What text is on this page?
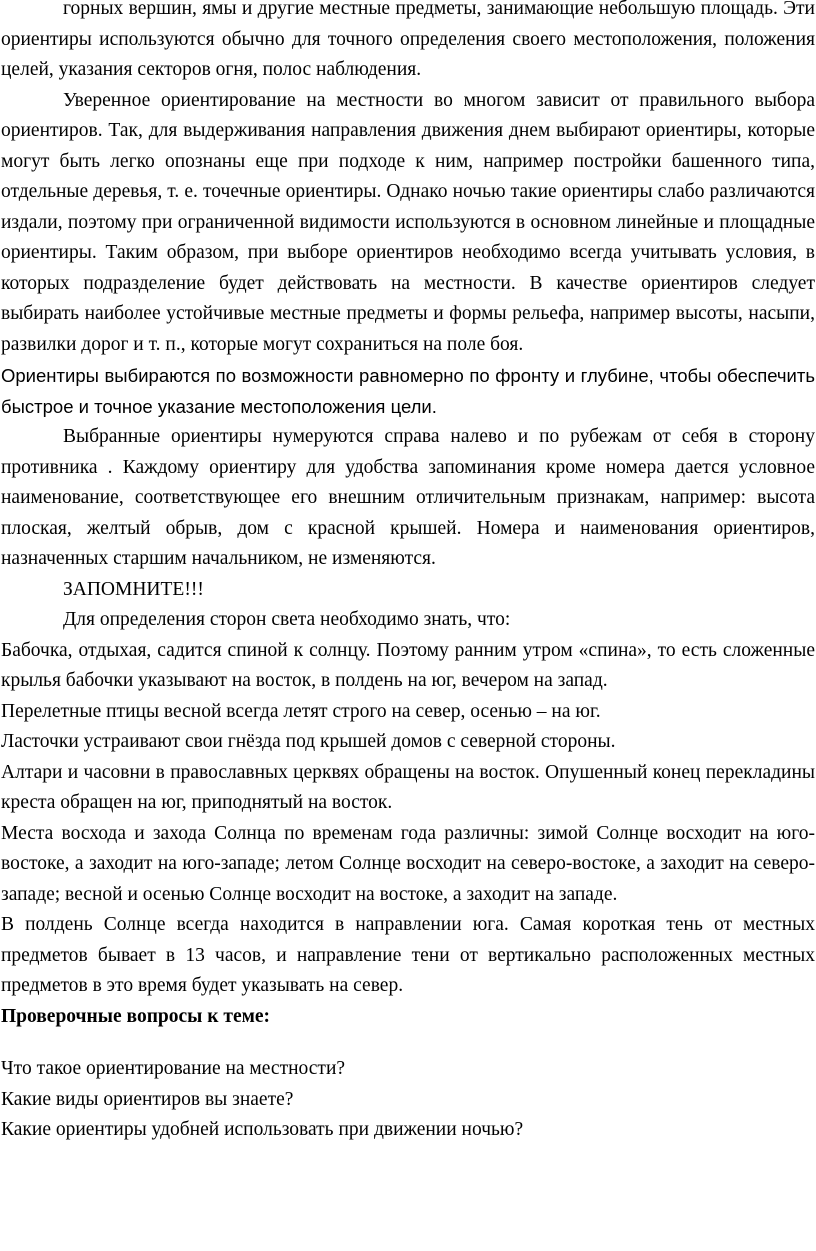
горных вершин, ямы и другие местные предметы, занимающие небольшую площадь. Эти ориентиры используются обычно для точного определения своего местоположения, положения целей, указания секторов огня, полос наблюдения.

Уверенное ориентирование на местности во многом зависит от правильного выбора ориентиров. Так, для выдерживания направления движения днем выбирают ориентиры, которые могут быть легко опознаны еще при подходе к ним, например постройки башенного типа, отдельные деревья, т. е. точечные ориентиры. Однако ночью такие ориентиры слабо различаются издали, поэтому при ограниченной видимости используются в основном линейные и площадные ориентиры. Таким образом, при выборе ориентиров необходимо всегда учитывать условия, в которых подразделение будет действовать на местности. В качестве ориентиров следует выбирать наиболее устойчивые местные предметы и формы рельефа, например высоты, насыпи, развилки дорог и т. п., которые могут сохраниться на поле боя.

Ориентиры выбираются по возможности равномерно по фронту и глубине, чтобы обеспечить быстрое и точное указание местоположения цели.

Выбранные ориентиры нумеруются справа налево и по рубежам от себя в сторону противника . Каждому ориентиру для удобства запоминания кроме номера дается условное наименование, соответствующее его внешним отличительным признакам, например: высота плоская, желтый обрыв, дом с красной крышей. Номера и наименования ориентиров, назначенных старшим начальником, не изменяются.

ЗАПОМНИТЕ!!!

Для определения сторон света необходимо знать, что:

Бабочка, отдыхая, садится спиной к солнцу. Поэтому ранним утром «спина», то есть сложенные крылья бабочки указывают на восток, в полдень на юг, вечером на запад.

Перелетные птицы весной всегда летят строго на север, осенью – на юг.

Ласточки устраивают свои гнёзда под крышей домов с северной стороны.

Алтари и часовни в православных церквях обращены на восток. Опушенный конец перекладины креста обращен на юг, приподнятый на восток.

Места восхода и захода Солнца по временам года различны: зимой Солнце восходит на юго-востоке, а заходит на юго-западе; летом Солнце восходит на северо-востоке, а заходит на северо-западе; весной и осенью Солнце восходит на востоке, а заходит на западе.

В полдень Солнце всегда находится в направлении юга. Самая короткая тень от местных предметов бывает в 13 часов, и направление тени от вертикально расположенных местных предметов в это время будет указывать на север.

Проверочные вопросы к теме:

Что такое ориентирование на местности?

Какие виды ориентиров вы знаете?

Какие ориентиры удобней использовать при движении ночью?
